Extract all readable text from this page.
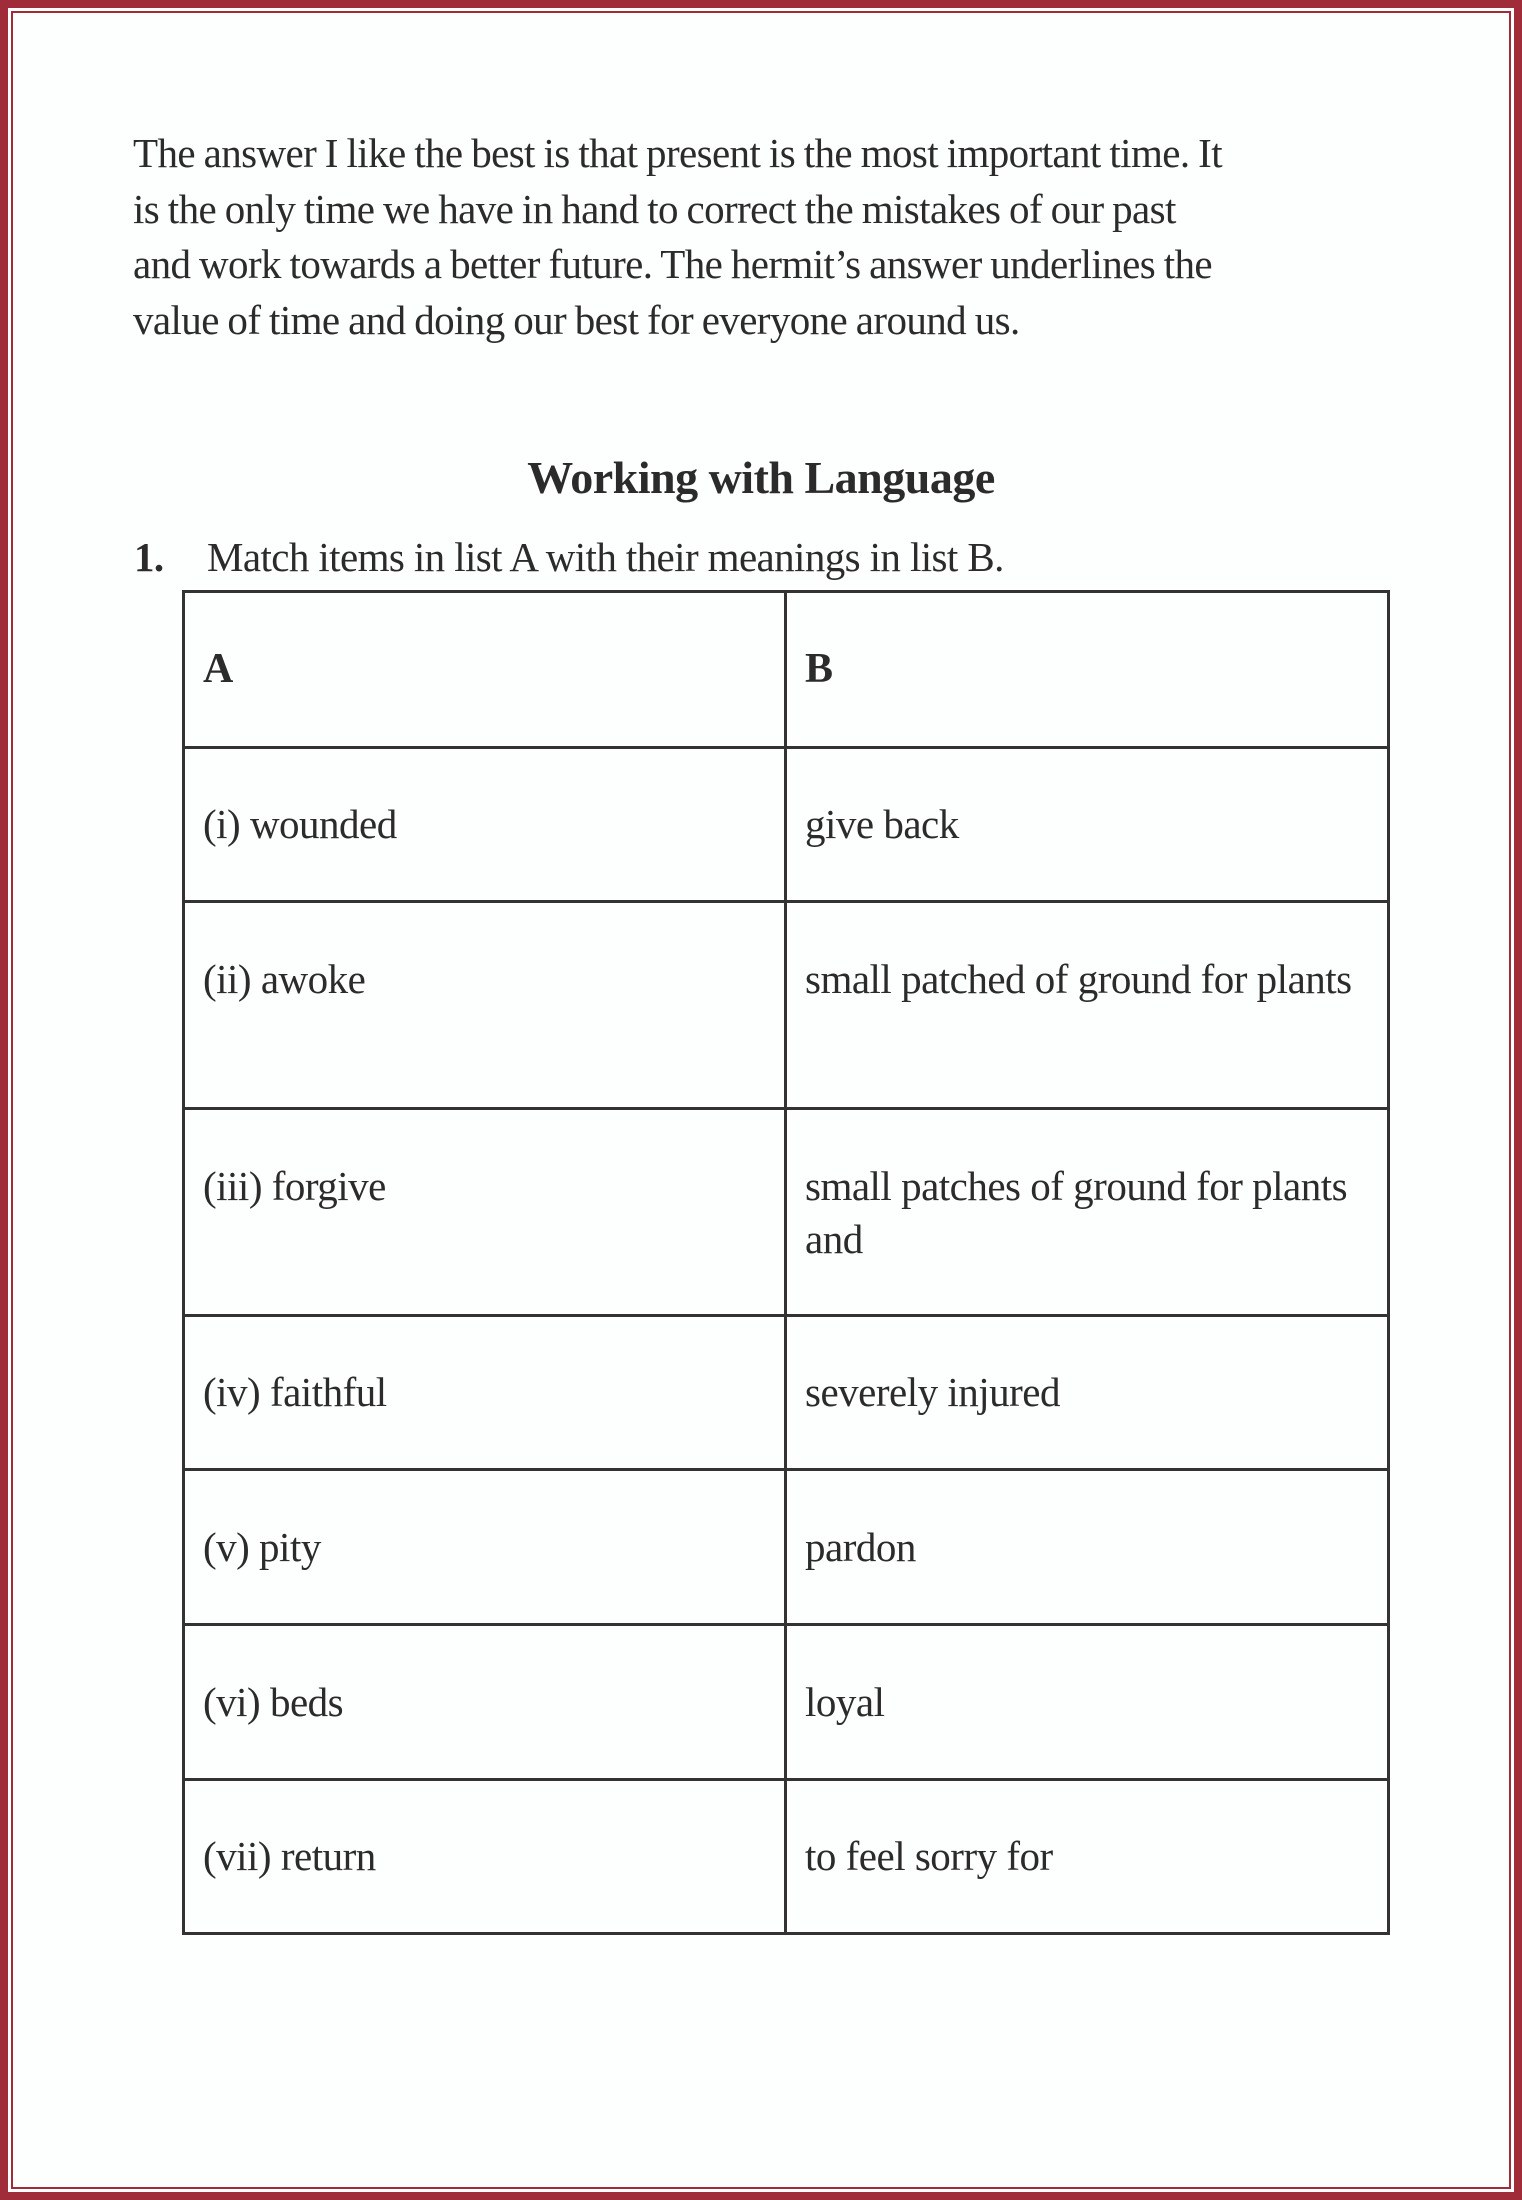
The answer I like the best is that present is the most important time. It
is the only time we have in hand to correct the mistakes of our past
and work towards a better future. The hermit’s answer underlines the
value of time and doing our best for everyone around us.
Working with Language
1. Match items in list A with their meanings in list B.
A	B
(i) wounded	give back
(ii) awoke	small patched of ground for plants
(iii) forgive	small patches of ground for plants and
(iv) faithful	severely injured
(v) pity	pardon
(vi) beds	loyal
(vii) return	to feel sorry for
